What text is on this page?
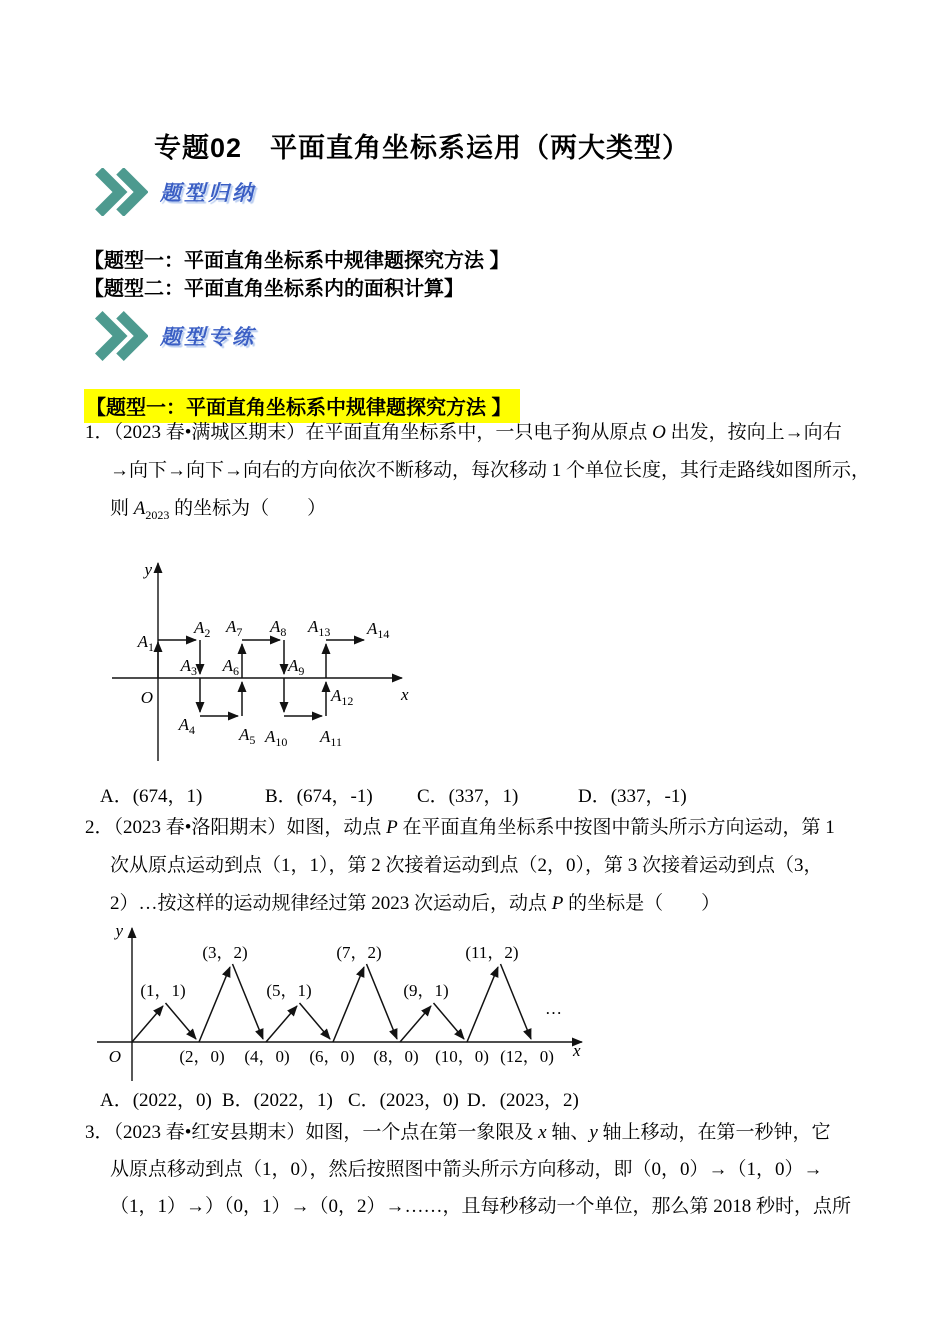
专题02　平面直角坐标系运用（两大类型）
题型归纳
【题型一：平面直角坐标系中规律题探究方法 】
【题型二：平面直角坐标系内的面积计算】
题型专练
【题型一：平面直角坐标系中规律题探究方法 】
1．（2023 春•满城区期末）在平面直角坐标系中，一只电子狗从原点 O 出发，按向上→向右
→向下→向下→向右的方向依次不断移动，每次移动 1 个单位长度，其行走路线如图所示，
则 $A_{2023}$ 的坐标为（　　）
O	x
y
$A_1$
$A_2$
$A_3$
$A_4$	$A_5$
$A_6$
$A_7$ $A_8$
$A_9$
$A_{10}$ $A_{11}$
$A_{12}$
$A_{13}$ $A_{14}$
A．(674，1)	B．(674，-1) C．(337，1)	D．(337，-1)
2．（2023 春•洛阳期末）如图，动点 P 在平面直角坐标系中按图中箭头所示方向运动，第 1
次从原点运动到点（1，1），第 2 次接着运动到点（2，0），第 3 次接着运动到点（3，
2）…按这样的运动规律经过第 2023 次运动后，动点 P 的坐标是（　　）
O	x
y
(1，1)
(3，2)
(5，1)
(7，2)
(9，1)
(11，2)
(2，0) (4，0) (6，0) (8，0) (10，0) (12，0)
…
A．(2022，0) B．(2022，1) C．(2023，0) D．(2023，2)
3．（2023 春•红安县期末）如图，一个点在第一象限及 x 轴、y 轴上移动，在第一秒钟，它
从原点移动到点（1，0），然后按照图中箭头所示方向移动，即（0，0）→（1，0）→
（1，1）→）（0，1）→（0，2）→……，且每秒移动一个单位，那么第 2018 秒时，点所
